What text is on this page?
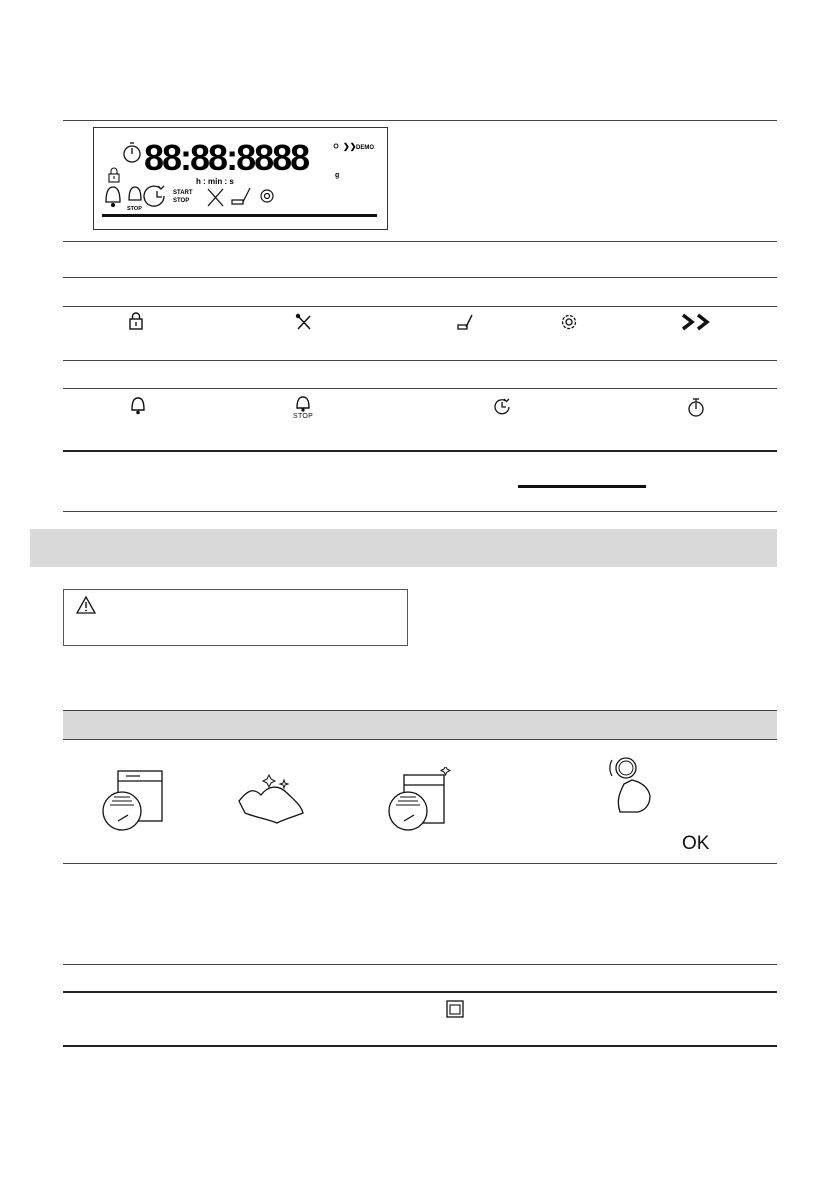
88:88:8888	g
❯❯ DEMO
h : min : s
STOP
START
STOP
STOP
OK
